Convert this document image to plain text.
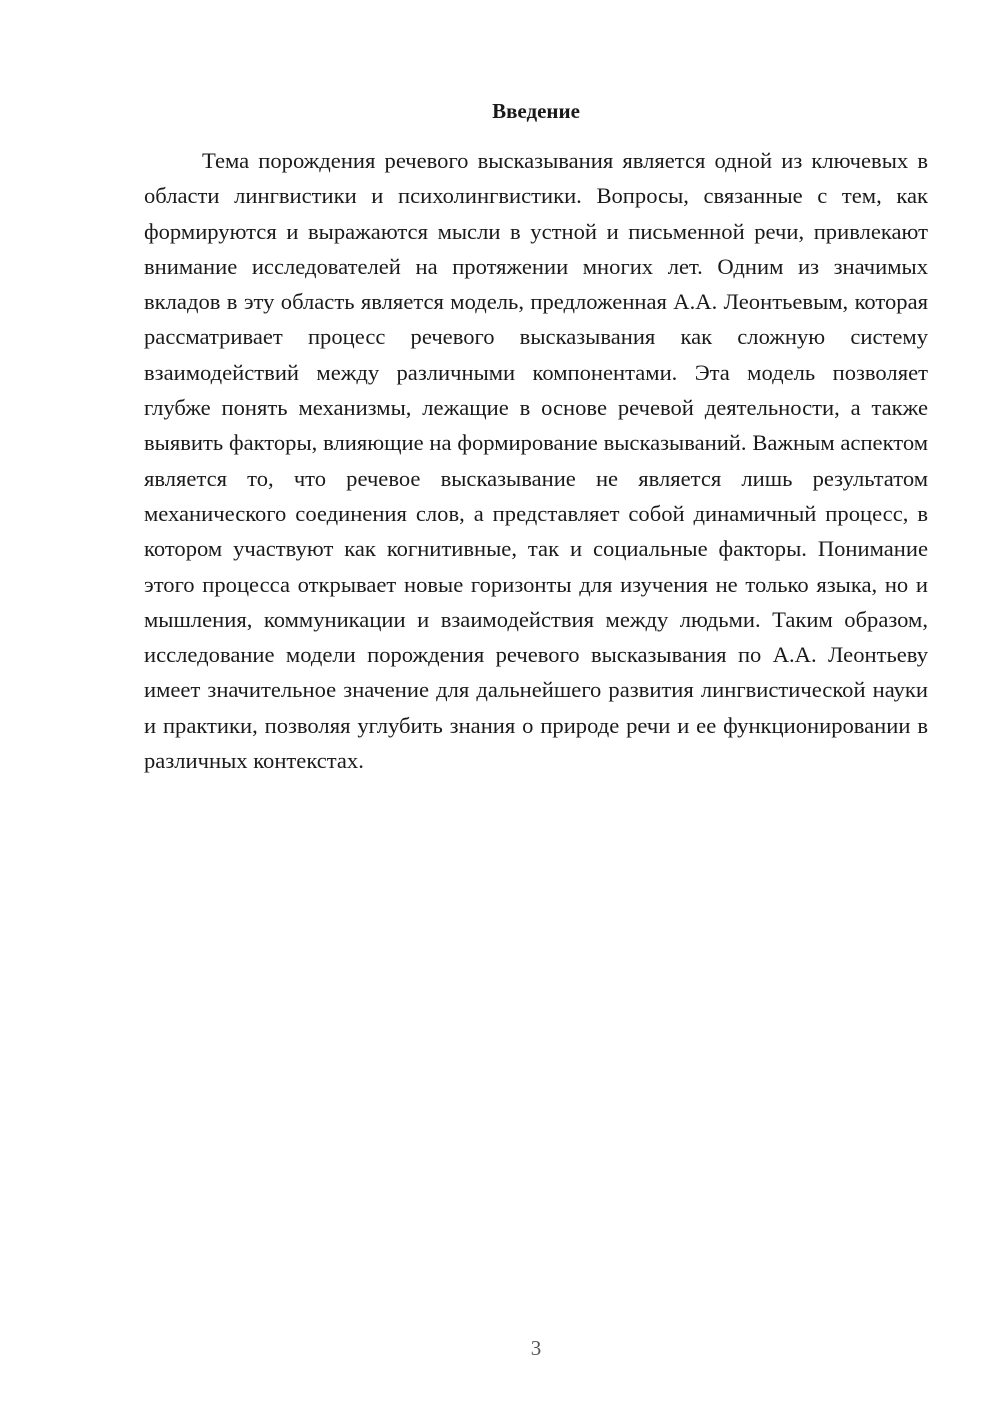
Введение

Тема порождения речевого высказывания является одной из ключевых в области лингвистики и психолингвистики. Вопросы, связанные с тем, как формируются и выражаются мысли в устной и письменной речи, привлекают внимание исследователей на протяжении многих лет. Одним из значимых вкладов в эту область является модель, предложенная А.А. Леонтьевым, которая рассматривает процесс речевого высказывания как сложную систему взаимодействий между различными компонентами. Эта модель позволяет глубже понять механизмы, лежащие в основе речевой деятельности, а также выявить факторы, влияющие на формирование высказываний. Важным аспектом является то, что речевое высказывание не является лишь результатом механического соединения слов, а представляет собой динамичный процесс, в котором участвуют как когнитивные, так и социальные факторы. Понимание этого процесса открывает новые горизонты для изучения не только языка, но и мышления, коммуникации и взаимодействия между людьми. Таким образом, исследование модели порождения речевого высказывания по А.А. Леонтьеву имеет значительное значение для дальнейшего развития лингвистической науки и практики, позволяя углубить знания о природе речи и ее функционировании в различных контекстах.

3
